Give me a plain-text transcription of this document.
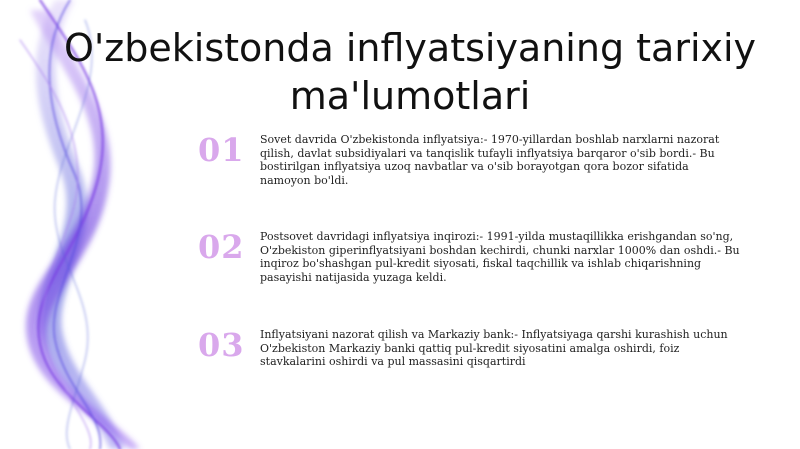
O'zbekistonda inflyatsiyaning tarixiy ma'lumotlari
01	Sovet davrida O'zbekistonda inflyatsiya:- 1970-yillardan boshlab narxlarni nazorat qilish, davlat subsidiyalari va tanqislik tufayli inflyatsiya barqaror o'sib bordi.- Bu bostirilgan inflyatsiya uzoq navbatlar va o'sib borayotgan qora bozor sifatida namoyon bo'ldi.
02	Postsovet davridagi inflyatsiya inqirozi:- 1991-yilda mustaqillikka erishgandan so'ng, O'zbekiston giperinflyatsiyani boshdan kechirdi, chunki narxlar 1000% dan oshdi.- Bu inqiroz bo'shashgan pul-kredit siyosati, fiskal taqchillik va ishlab chiqarishning pasayishi natijasida yuzaga keldi.
03	Inflyatsiyani nazorat qilish va Markaziy bank:- Inflyatsiyaga qarshi kurashish uchun O'zbekiston Markaziy banki qattiq pul-kredit siyosatini amalga oshirdi, foiz stavkalarini oshirdi va pul massasini qisqartirdi
